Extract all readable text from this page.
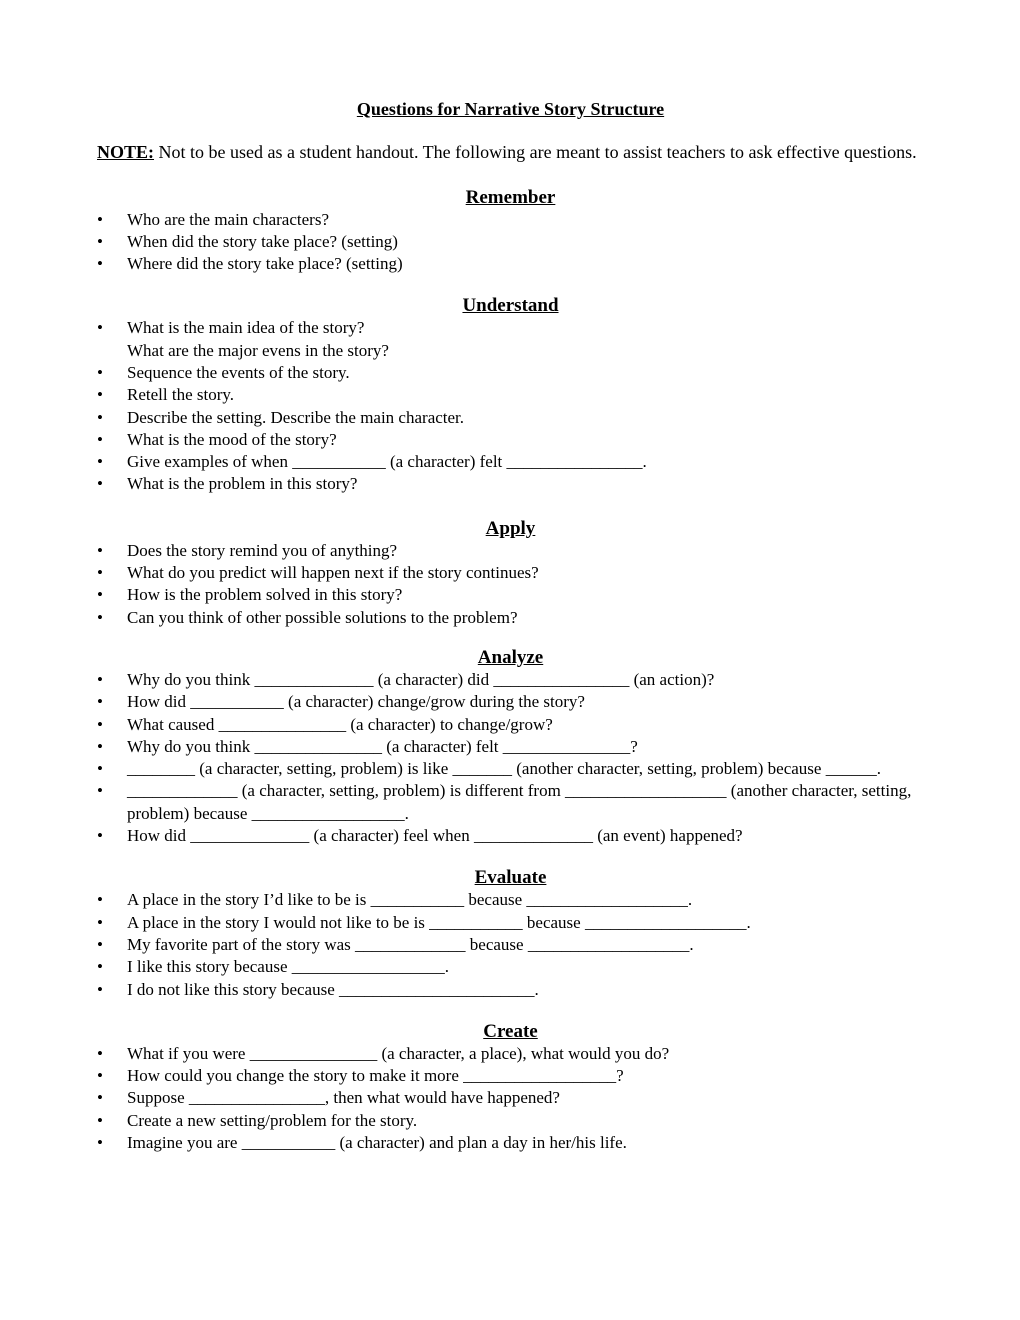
Questions for Narrative Story Structure

NOTE: Not to be used as a student handout. The following are meant to assist teachers to ask effective questions.

Remember
• Who are the main characters?
• When did the story take place? (setting)
• Where did the story take place? (setting)
Understand
• What is the main idea of the story?
What are the major evens in the story?
• Sequence the events of the story.
• Retell the story.
• Describe the setting. Describe the main character.
• What is the mood of the story?
• Give examples of when ___________ (a character) felt ________________.
• What is the problem in this story?
Apply
• Does the story remind you of anything?
• What do you predict will happen next if the story continues?
• How is the problem solved in this story?
• Can you think of other possible solutions to the problem?
Analyze
• Why do you think ______________ (a character) did ________________ (an action)?
• How did ___________ (a character) change/grow during the story?
• What caused _______________ (a character) to change/grow?
• Why do you think _______________ (a character) felt _______________?
• ________ (a character, setting, problem) is like _______ (another character, setting, problem) because ______.
• _____________ (a character, setting, problem) is different from ___________________ (another character, setting, problem) because __________________.
• How did ______________ (a character) feel when ______________ (an event) happened?
Evaluate
• A place in the story I’d like to be is ___________ because ___________________.
• A place in the story I would not like to be is ___________ because ___________________.
• My favorite part of the story was _____________ because ___________________.
• I like this story because __________________.
• I do not like this story because _______________________.
Create
• What if you were _______________ (a character, a place), what would you do?
• How could you change the story to make it more __________________?
• Suppose ________________, then what would have happened?
• Create a new setting/problem for the story.
• Imagine you are ___________ (a character) and plan a day in her/his life.
